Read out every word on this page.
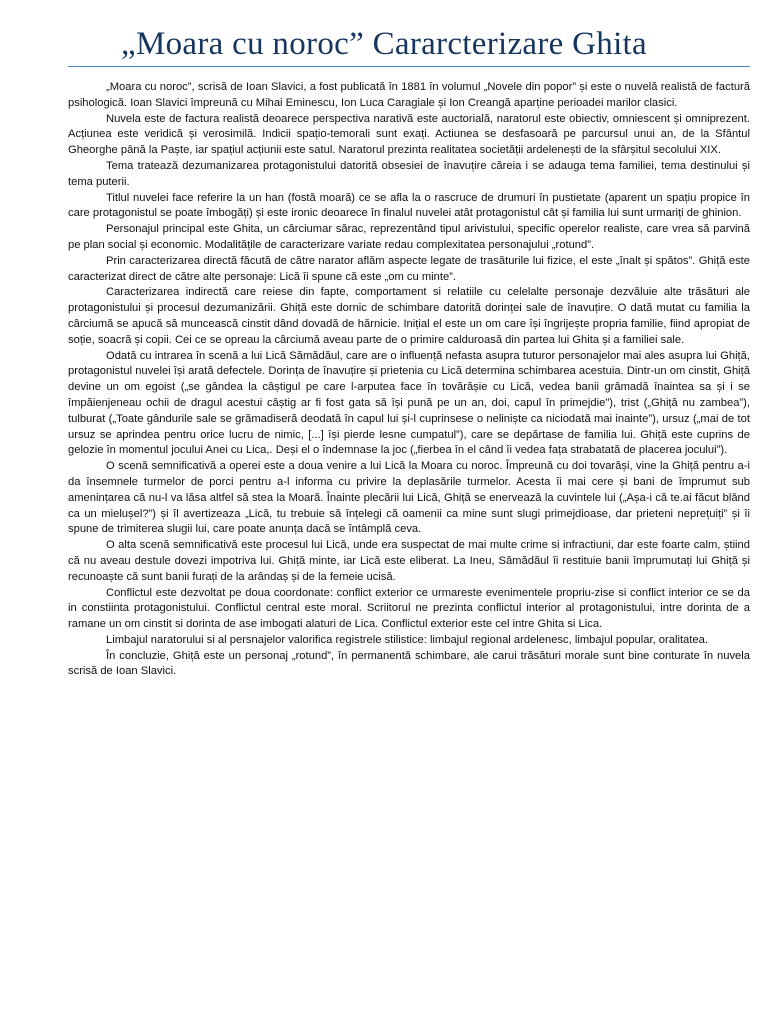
„Moara cu noroc” Cararcterizare Ghita

„Moara cu noroc”, scrisă de Ioan Slavici, a fost publicată în 1881 în volumul „Novele din popor” și este o nuvelă realistă de factură psihologică. Ioan Slavici împreună cu Mihai Eminescu, Ion Luca Caragiale și Ion Creangă aparține perioadei marilor clasici.

Nuvela este de factura realistă deoarece perspectiva narativă este auctorială, naratorul este obiectiv, omniescent și omniprezent. Acțiunea este veridică și verosimilă. Indicii spațio-temorali sunt exați. Actiunea se desfasoară pe parcursul unui an, de la Sfântul Gheorghe până la Paște, iar spațiul acțiunii este satul. Naratorul prezinta realitatea societății ardelenești de la sfârșitul secolului XIX.

Tema tratează dezumanizarea protagonistului datorită obsesiei de înavuțire căreia i se adauga tema familiei, tema destinului și tema puterii.

Titlul nuvelei face referire la un han (fostă moară) ce se afla la o rascruce de drumuri în pustietate (aparent un spațiu propice în care protagonistul se poate îmbogăți) și este ironic deoarece în finalul nuvelei atât protagonistul cât și familia lui sunt urmariți de ghinion.

Personajul principal este Ghita, un cârciumar sărac, reprezentând tipul arivistului, specific operelor realiste, care vrea să parvină pe plan social și economic. Modalitățile de caracterizare variate redau complexitatea personajului „rotund”.

Prin caracterizarea directă făcută de către narator aflăm aspecte legate de trasăturile lui fizice, el este „înalt și spătos”. Ghiță este caracterizat direct de către alte personaje: Lică îi spune că este „om cu minte”.

Caracterizarea indirectă care reiese din fapte, comportament si relatiile cu celelalte personaje dezvăluie alte trăsături ale protagonistului și procesul dezumanizării. Ghiță este dornic de schimbare datorită dorinței sale de înavuțire. O dată mutat cu familia la cârciumă se apucă să muncească cinstit dând dovadă de hărnicie. Inițial el este un om care își îngrijește propria familie, fiind apropiat de soție, soacră și copii. Cei ce se opreau la cârciumă aveau parte de o primire calduroasă din partea lui Ghita și a familiei sale.

Odată cu intrarea în scenă a lui Lică Sămădăul, care are o influență nefasta asupra tuturor personajelor mai ales asupra lui Ghiță, protagonistul nuvelei își arată defectele. Dorința de înavuțire și prietenia cu Lică determina schimbarea acestuia. Dintr-un om cinstit, Ghiță devine un om egoist („se gândea la câștigul pe care l-arputea face în tovărășie cu Lică, vedea banii grămadă înaintea sa și i se împăienjeneau ochii de dragul acestui câștig ar fi fost gata să își pună pe un an, doi, capul în primejdie"), trist („Ghiță nu zambea”), tulburat („Toate gândurile sale se grămadiseră deodată în capul lui și-l cuprinsese o neliniște ca niciodată mai inainte”), ursuz („mai de tot ursuz se aprindea pentru orice lucru de nimic, [...] își pierde lesne cumpatul”), care se depărtase de familia lui. Ghiță este cuprins de gelozie în momentul jocului Anei cu Lica,. Deși el o îndemnase la joc („fierbea în el când îi vedea fața strabatată de placerea jocului”).

O scenă semnificativă a operei este a doua venire a lui Lică la Moara cu noroc. Împreună cu doi tovarăși, vine la Ghiță pentru a-i da însemnele turmelor de porci pentru a-l informa cu privire la deplasările turmelor. Acesta îi mai cere și bani de împrumut sub amenințarea că nu-l va lăsa altfel să stea la Moară. Înainte plecării lui Lică, Ghiță se enervează la cuvintele lui („Așa-i că te.ai făcut blând ca un mielușel?”) și îl avertizeaza „Lică, tu trebuie să înțelegi că oamenii ca mine sunt slugi primejdioase, dar prieteni neprețuiți” și îi spune de trimiterea slugii lui, care poate anunța dacă se întâmplă ceva.

O alta scenă semnificativă este procesul lui Lică, unde era suspectat de mai multe crime si infractiuni, dar este foarte calm, știind că nu aveau destule dovezi impotriva lui. Ghiță minte, iar Lică este eliberat. La Ineu, Sămădăul îi restituie banii împrumutați lui Ghiță și recunoaște că sunt banii furați de la arândaș și de la femeie ucisă.

Conflictul este dezvoltat pe doua coordonate: conflict exterior ce urmareste evenimentele propriu-zise si conflict interior ce se da in constiinta protagonistului. Conflictul central este moral. Scriitorul ne prezinta conflictul interior al protagonistului, intre dorinta de a ramane un om cinstit si dorinta de ase imbogati alaturi de Lica. Conflictul exterior este cel intre Ghita si Lica.

Limbajul naratorului si al persnajelor valorifica registrele stilistice: limbajul regional ardelenesc, limbajul popular, oralitatea.

În concluzie, Ghiță este un personaj „rotund”, în permanentă schimbare, ale carui trăsături morale sunt bine conturate în nuvela scrisă de Ioan Slavici.
